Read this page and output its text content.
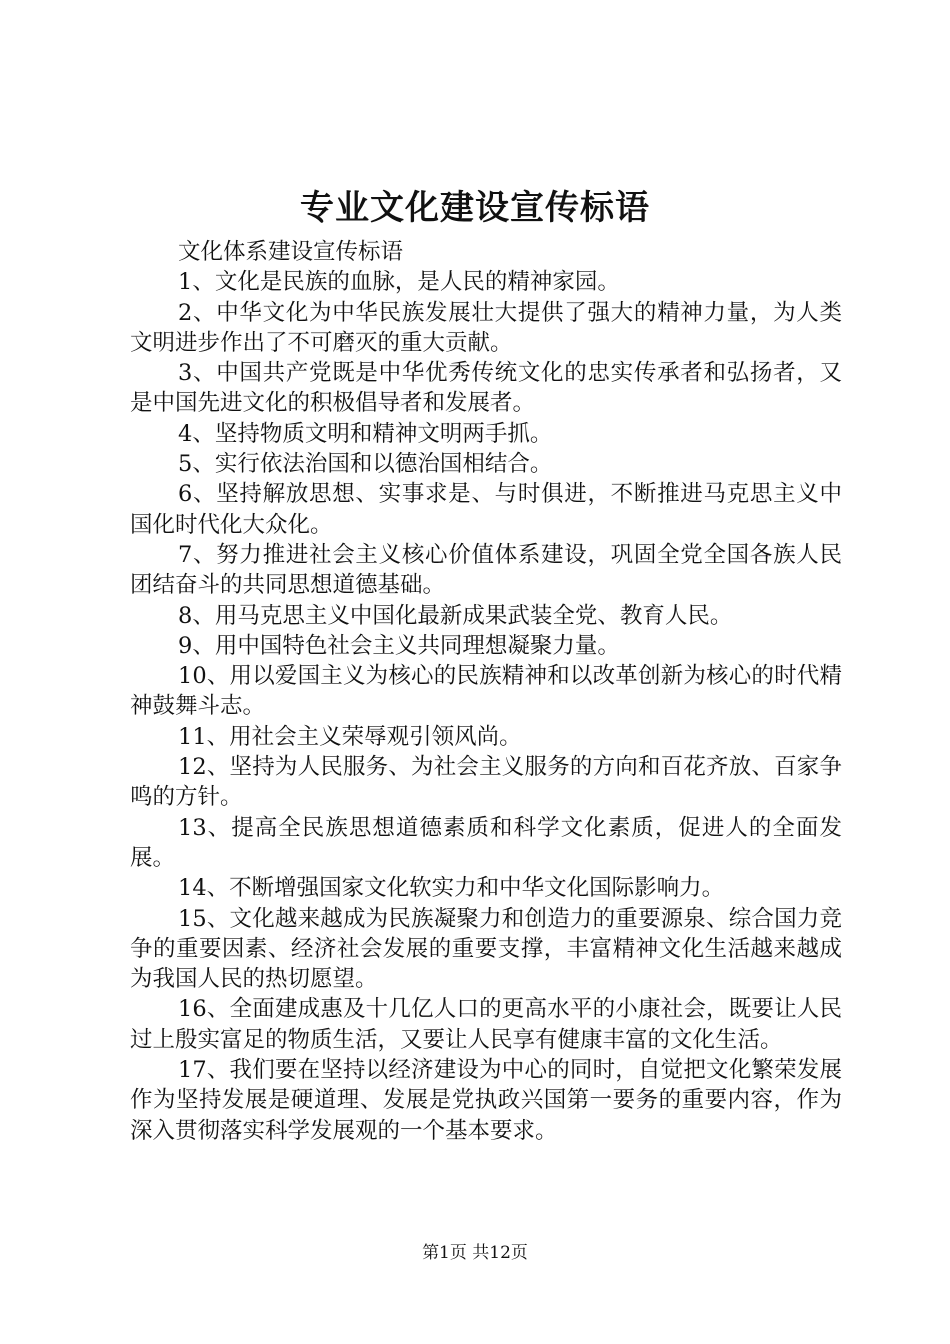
专业文化建设宣传标语

文化体系建设宣传标语

1、文化是民族的血脉，是人民的精神家园。

2、中华文化为中华民族发展壮大提供了强大的精神力量，为人类文明进步作出了不可磨灭的重大贡献。

3、中国共产党既是中华优秀传统文化的忠实传承者和弘扬者，又是中国先进文化的积极倡导者和发展者。

4、坚持物质文明和精神文明两手抓。

5、实行依法治国和以德治国相结合。

6、坚持解放思想、实事求是、与时俱进，不断推进马克思主义中国化时代化大众化。

7、努力推进社会主义核心价值体系建设，巩固全党全国各族人民团结奋斗的共同思想道德基础。

8、用马克思主义中国化最新成果武装全党、教育人民。

9、用中国特色社会主义共同理想凝聚力量。

10、用以爱国主义为核心的民族精神和以改革创新为核心的时代精神鼓舞斗志。

11、用社会主义荣辱观引领风尚。

12、坚持为人民服务、为社会主义服务的方向和百花齐放、百家争鸣的方针。

13、提高全民族思想道德素质和科学文化素质，促进人的全面发展。

14、不断增强国家文化软实力和中华文化国际影响力。

15、文化越来越成为民族凝聚力和创造力的重要源泉、综合国力竞争的重要因素、经济社会发展的重要支撑，丰富精神文化生活越来越成为我国人民的热切愿望。

16、全面建成惠及十几亿人口的更高水平的小康社会，既要让人民过上殷实富足的物质生活，又要让人民享有健康丰富的文化生活。

17、我们要在坚持以经济建设为中心的同时，自觉把文化繁荣发展作为坚持发展是硬道理、发展是党执政兴国第一要务的重要内容，作为深入贯彻落实科学发展观的一个基本要求。

第1页 共12页
